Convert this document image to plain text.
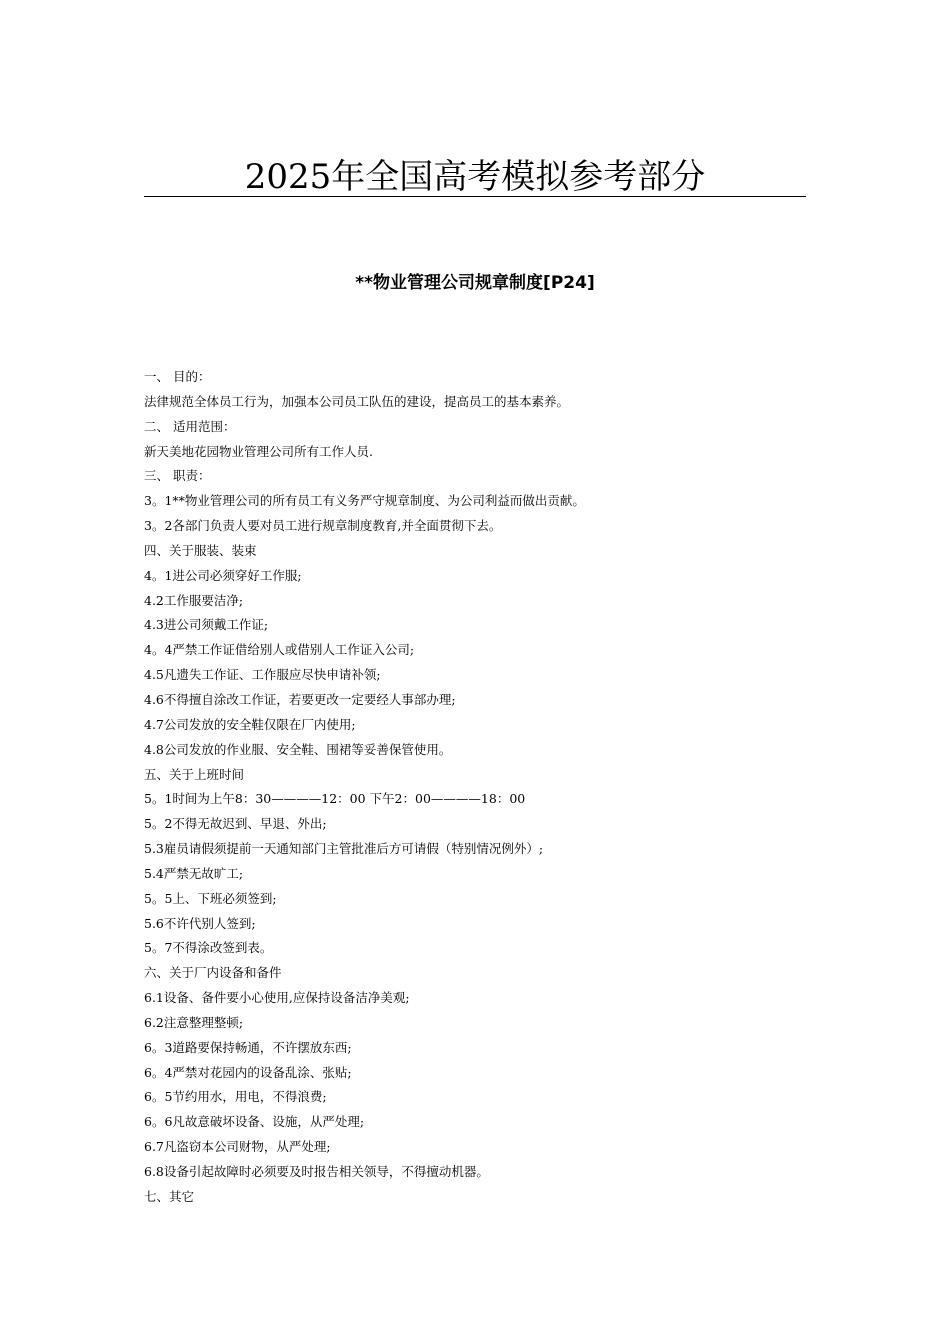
2025年全国高考模拟参考部分
**物业管理公司规章制度[P24]
一、 目的：
法律规范全体员工行为，加强本公司员工队伍的建设，提高员工的基本素养。
二、 适用范围：
新天美地花园物业管理公司所有工作人员.
三、 职责：
3。1**物业管理公司的所有员工有义务严守规章制度、为公司利益而做出贡献。
3。2各部门负责人要对员工进行规章制度教育,并全面贯彻下去。
四、关于服装、装束
4。1进公司必须穿好工作服;
4.2工作服要洁净;
4.3进公司须戴工作证;
4。4严禁工作证借给别人或借别人工作证入公司;
4.5凡遗失工作证、工作服应尽快申请补领;
4.6不得擅自涂改工作证，若要更改一定要经人事部办理;
4.7公司发放的安全鞋仅限在厂内使用;
4.8公司发放的作业服、安全鞋、围裙等妥善保管使用。
五、关于上班时间
5。1时间为上午8：30————12：00 下午2：00————18：00
5。2不得无故迟到、早退、外出;
5.3雇员请假须提前一天通知部门主管批准后方可请假（特别情况例外）;
5.4严禁无故旷工;
5。5上、下班必须签到;
5.6不许代别人签到;
5。7不得涂改签到表。
六、关于厂内设备和备件
6.1设备、备件要小心使用,应保持设备洁净美观;
6.2注意整理整顿;
6。3道路要保持畅通，不许摆放东西;
6。4严禁对花园内的设备乱涂、张贴;
6。5节约用水，用电，不得浪费;
6。6凡故意破坏设备、设施，从严处理;
6.7凡盗窃本公司财物，从严处理;
6.8设备引起故障时必须要及时报告相关领导，不得擅动机器。
七、其它
